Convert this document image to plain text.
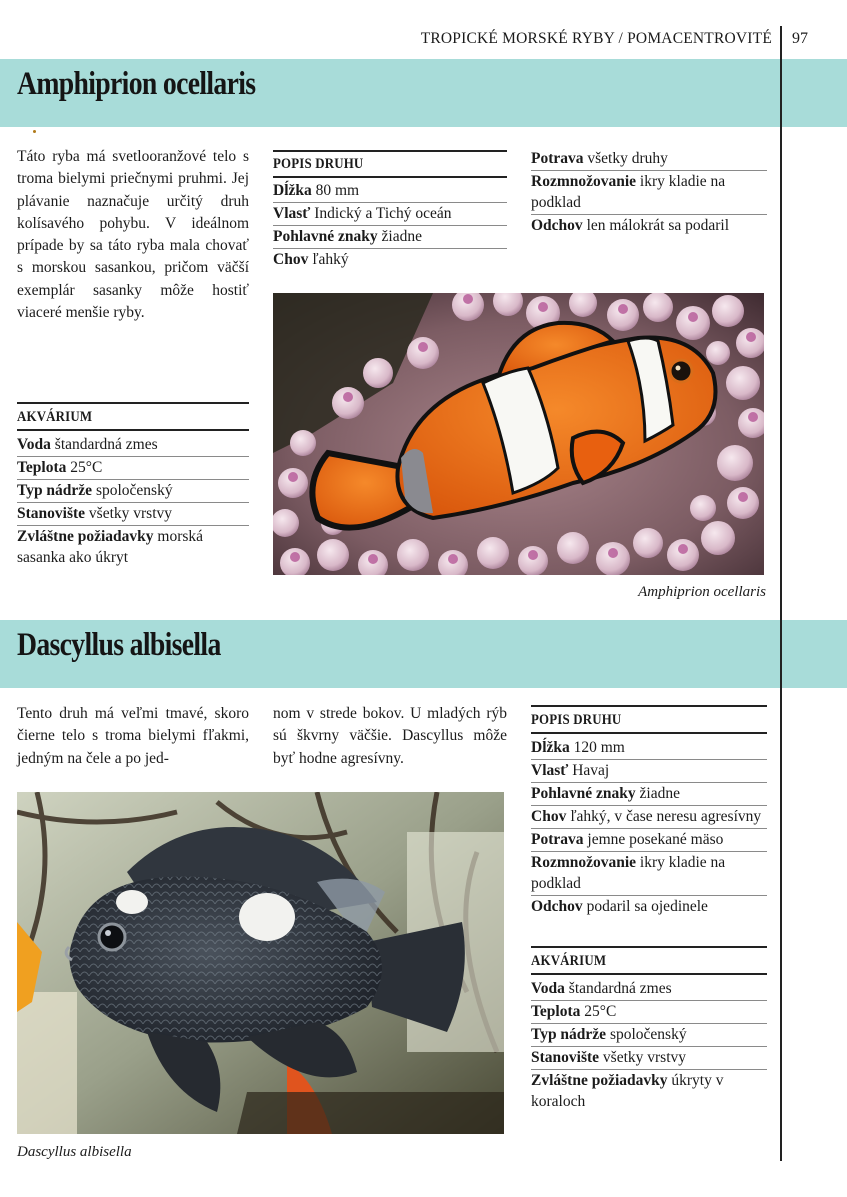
TROPICKÉ MORSKÉ RYBY / POMACENTROVITÉ 97
Amphiprion ocellaris
Dascyllus albisella

Táto ryba má svetlooranžové telo s troma bielymi priečnymi pruhmi. Jej plávanie naznačuje určitý druh kolísavého pohybu. V ideálnom prípade by sa táto ryba mala chovať s morskou sasankou, pričom väčší exemplár sasanky môže hostiť viaceré menšie ryby.

POPIS DRUHU
Dĺžka 80 mm
Vlasť Indický a Tichý oceán
Pohlavné znaky žiadne
Chov ľahký
Potrava všetky druhy
Rozmnožovanie ikry kladie na podklad
Odchov len málokrát sa podaril
Amphiprion ocellaris
AKVÁRIUM
Voda štandardná zmes
Teplota 25°C
Typ nádrže spoločenský
Stanovište všetky vrstvy
Zvláštne požiadavky morská sasanka ako úkryt

Tento druh má veľmi tmavé, skoro čierne telo s troma bielymi fľakmi, jedným na čele a po jed-

nom v strede bokov. U mladých rýb sú škvrny väčšie. Dascyllus môže byť hodne agresívny.

Dascyllus albisella
POPIS DRUHU
Dĺžka 120 mm
Vlasť Havaj
Pohlavné znaky žiadne
Chov ľahký, v čase neresu agresívny
Potrava jemne posekané mäso
Rozmnožovanie ikry kladie na podklad
Odchov podaril sa ojedinele
AKVÁRIUM
Voda štandardná zmes
Teplota 25°C
Typ nádrže spoločenský
Stanovište všetky vrstvy
Zvláštne požiadavky úkryty v koraloch
